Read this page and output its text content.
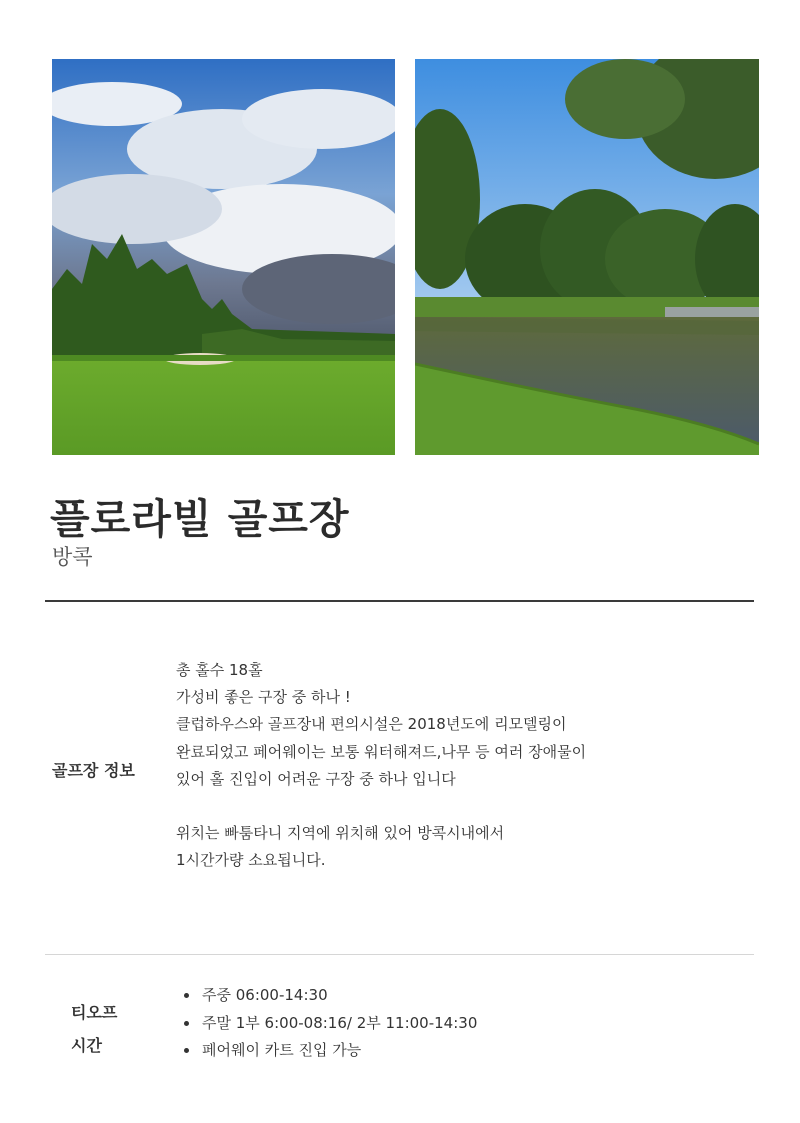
플로라빌 골프장

방콕

골프장 정보

총 홀수 18홀

가성비 좋은 구장 중 하나 !

클럽하우스와 골프장내 편의시설은 2018년도에 리모델링이

완료되었고 페어웨이는 보통 워터해져드,나무 등 여러 장애물이

있어 홀 진입이 어려운 구장 중 하나 입니다

위치는 빠툼타니 지역에 위치해 있어 방콕시내에서

1시간가량 소요됩니다.

티오프
시간
• 주중 06:00-14:30
• 주말 1부 6:00-08:16/ 2부 11:00-14:30
• 페어웨이 카트 진입 가능
